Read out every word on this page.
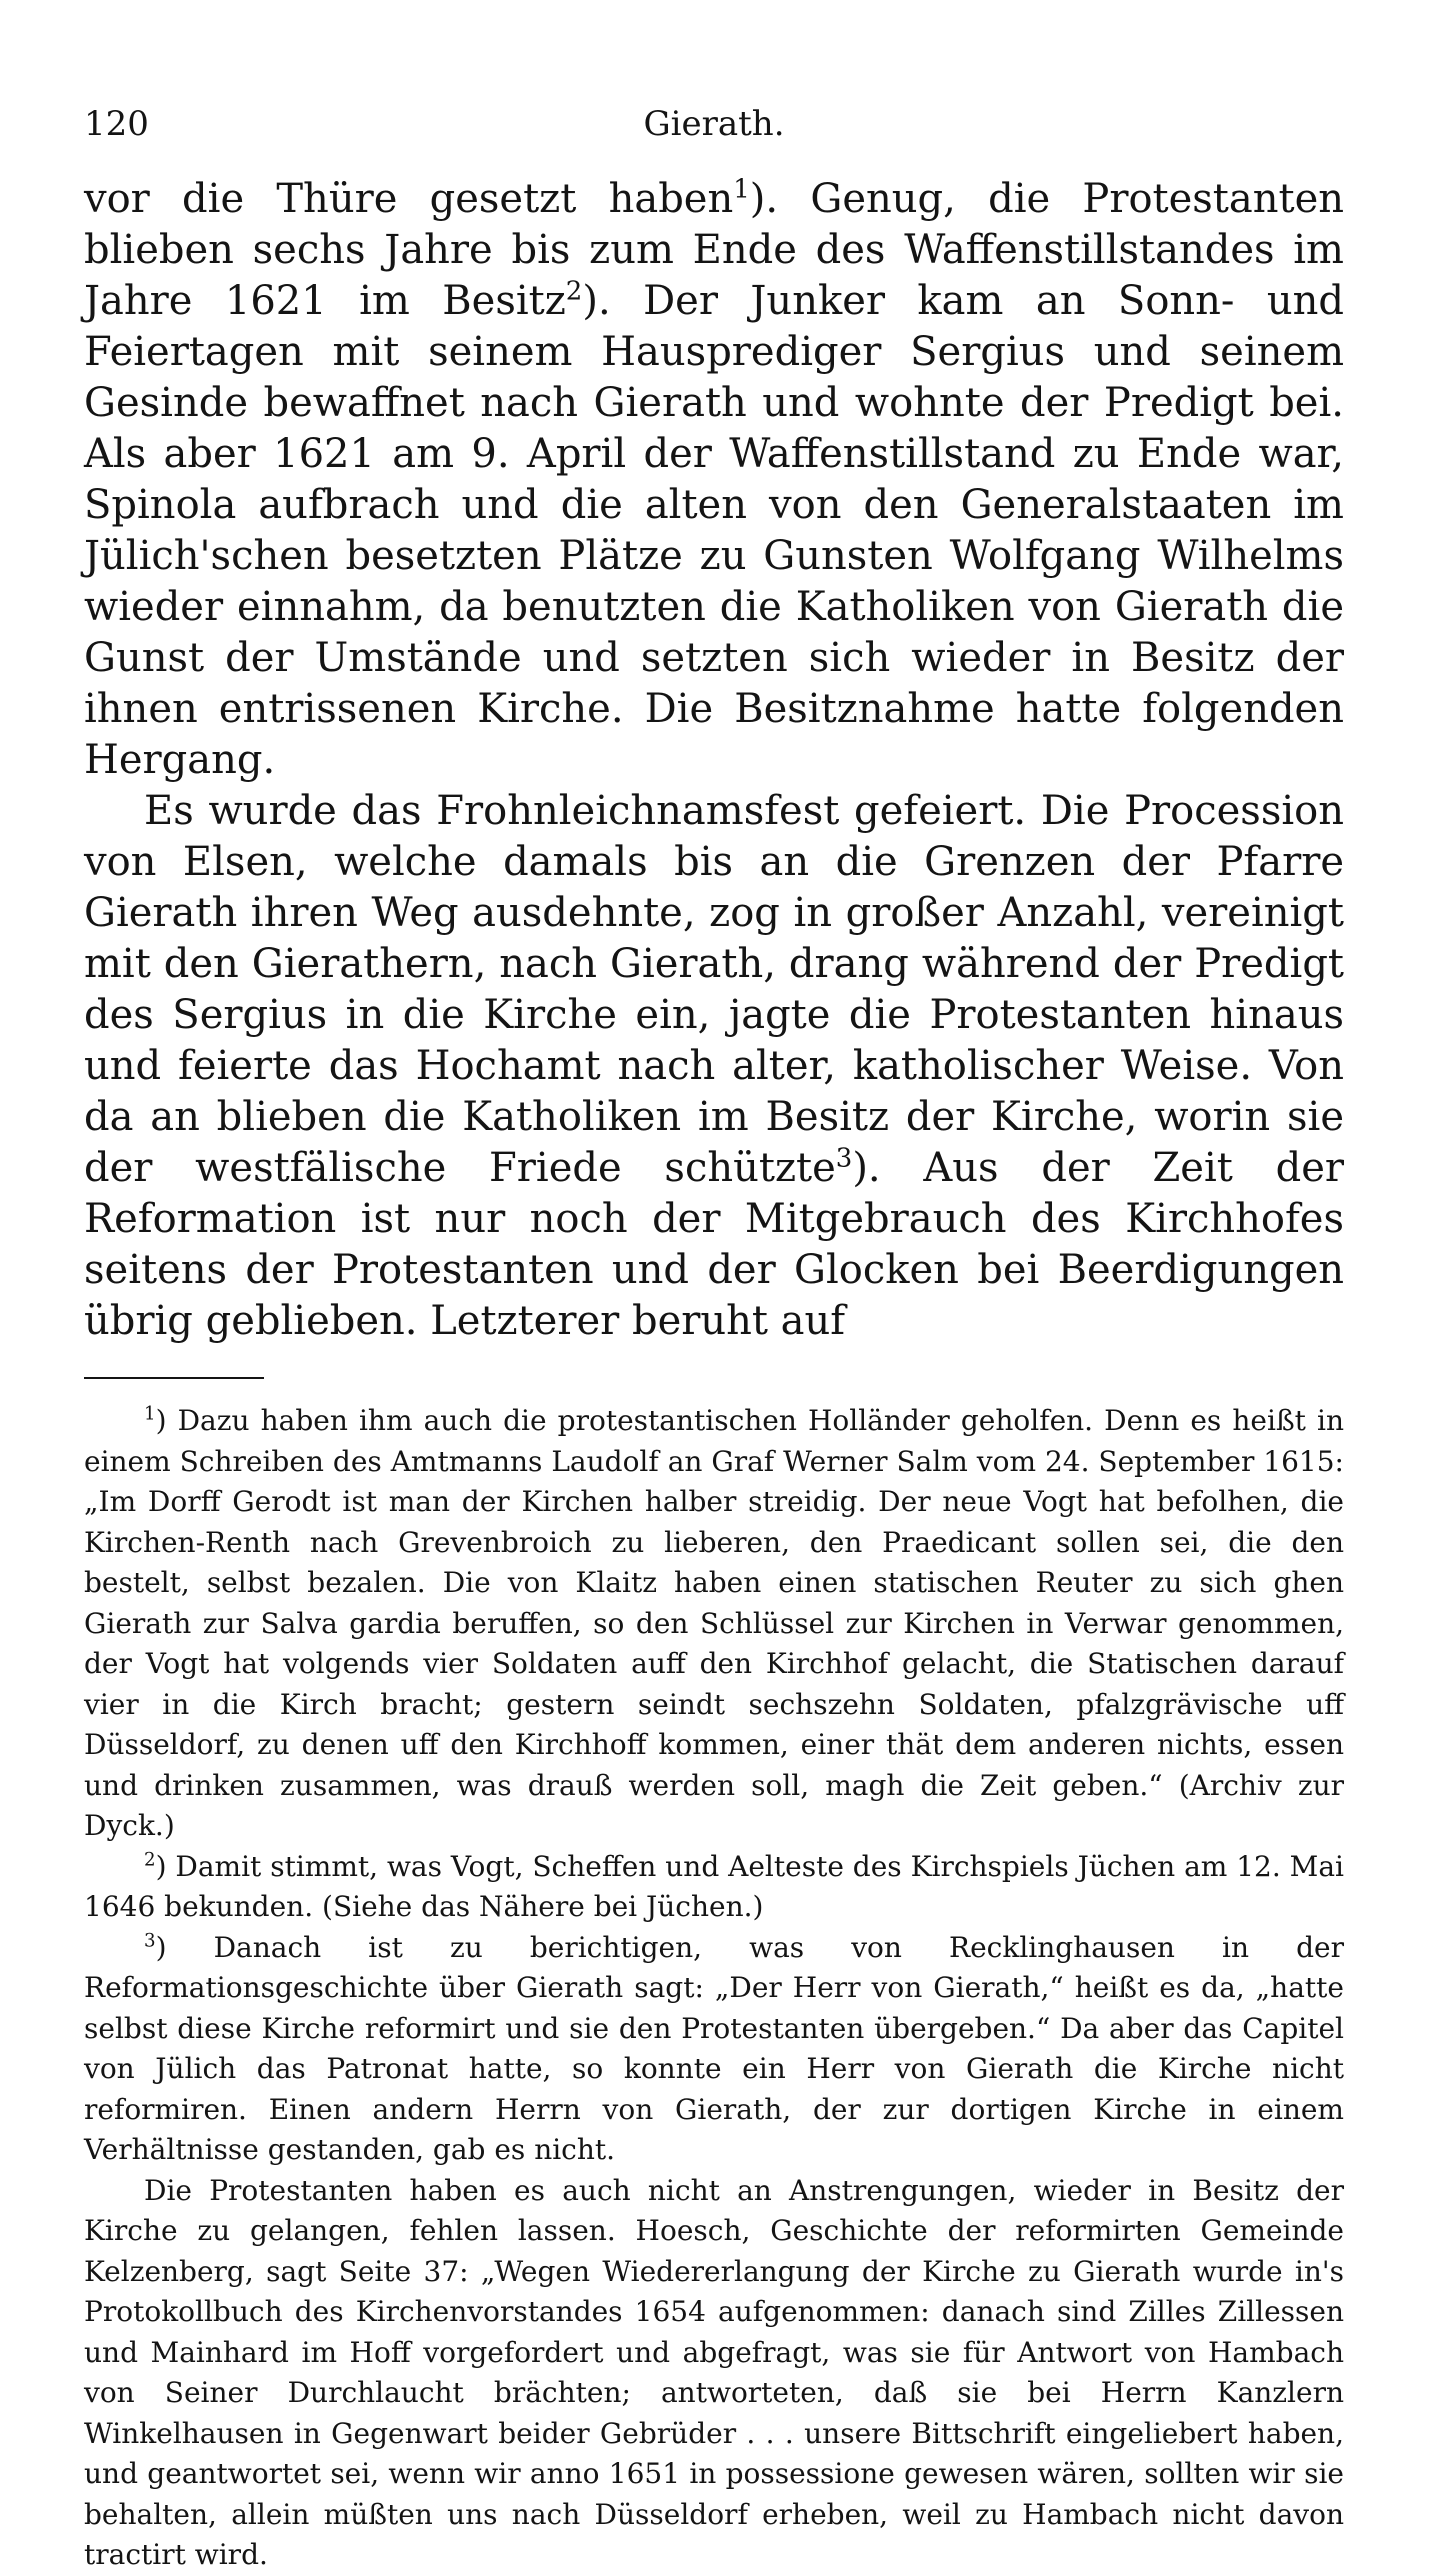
120	Gierath.

vor die Thüre gesetzt haben$^1$). Genug, die Protestanten blieben sechs Jahre bis zum Ende des Waffenstillstandes im Jahre 1621 im Besitz$^2$). Der Junker kam an Sonn- und Feiertagen mit seinem Hausprediger Sergius und seinem Gesinde bewaffnet nach Gierath und wohnte der Predigt bei. Als aber 1621 am 9. April der Waffenstillstand zu Ende war, Spinola aufbrach und die alten von den Generalstaaten im Jülich'schen besetzten Plätze zu Gunsten Wolfgang Wilhelms wieder einnahm, da benutzten die Katholiken von Gierath die Gunst der Umstände und setzten sich wieder in Besitz der ihnen entrissenen Kirche. Die Besitznahme hatte folgenden Hergang.

Es wurde das Frohnleichnamsfest gefeiert. Die Procession von Elsen, welche damals bis an die Grenzen der Pfarre Gierath ihren Weg ausdehnte, zog in großer Anzahl, vereinigt mit den Gierathern, nach Gierath, drang während der Predigt des Sergius in die Kirche ein, jagte die Protestanten hinaus und feierte das Hochamt nach alter, katholischer Weise. Von da an blieben die Katholiken im Besitz der Kirche, worin sie der westfälische Friede schützte$^3$). Aus der Zeit der Reformation ist nur noch der Mitgebrauch des Kirchhofes seitens der Protestanten und der Glocken bei Beerdigungen übrig geblieben. Letzterer beruht auf

$^1$) Dazu haben ihm auch die protestantischen Holländer geholfen. Denn es heißt in einem Schreiben des Amtmanns Laudolf an Graf Werner Salm vom 24. September 1615: „Im Dorff Gerodt ist man der Kirchen halber streidig. Der neue Vogt hat befolhen, die Kirchen-Renth nach Grevenbroich zu lieberen, den Praedicant sollen sei, die den bestelt, selbst bezalen. Die von Klaitz haben einen statischen Reuter zu sich ghen Gierath zur Salva gardia beruffen, so den Schlüssel zur Kirchen in Verwar genommen, der Vogt hat volgends vier Soldaten auff den Kirchhof gelacht, die Statischen darauf vier in die Kirch bracht; gestern seindt sechszehn Soldaten, pfalzgrävische uff Düsseldorf, zu denen uff den Kirchhoff kommen, einer thät dem anderen nichts, essen und drinken zusammen, was drauß werden soll, magh die Zeit geben.“ (Archiv zur Dyck.)

$^2$) Damit stimmt, was Vogt, Scheffen und Aelteste des Kirchspiels Jüchen am 12. Mai 1646 bekunden. (Siehe das Nähere bei Jüchen.)

$^3$) Danach ist zu berichtigen, was von Recklinghausen in der Reformationsgeschichte über Gierath sagt: „Der Herr von Gierath,“ heißt es da, „hatte selbst diese Kirche reformirt und sie den Protestanten übergeben.“ Da aber das Capitel von Jülich das Patronat hatte, so konnte ein Herr von Gierath die Kirche nicht reformiren. Einen andern Herrn von Gierath, der zur dortigen Kirche in einem Verhältnisse gestanden, gab es nicht.

Die Protestanten haben es auch nicht an Anstrengungen, wieder in Besitz der Kirche zu gelangen, fehlen lassen. Hoesch, Geschichte der reformirten Gemeinde Kelzenberg, sagt Seite 37: „Wegen Wiedererlangung der Kirche zu Gierath wurde in's Protokollbuch des Kirchenvorstandes 1654 aufgenommen: danach sind Zilles Zillessen und Mainhard im Hoff vorgefordert und abgefragt, was sie für Antwort von Hambach von Seiner Durchlaucht brächten; antworteten, daß sie bei Herrn Kanzlern Winkelhausen in Gegenwart beider Gebrüder . . . unsere Bittschrift eingeliebert haben, und geantwortet sei, wenn wir anno 1651 in possessione gewesen wären, sollten wir sie behalten, allein müßten uns nach Düsseldorf erheben, weil zu Hambach nicht davon tractirt wird.
